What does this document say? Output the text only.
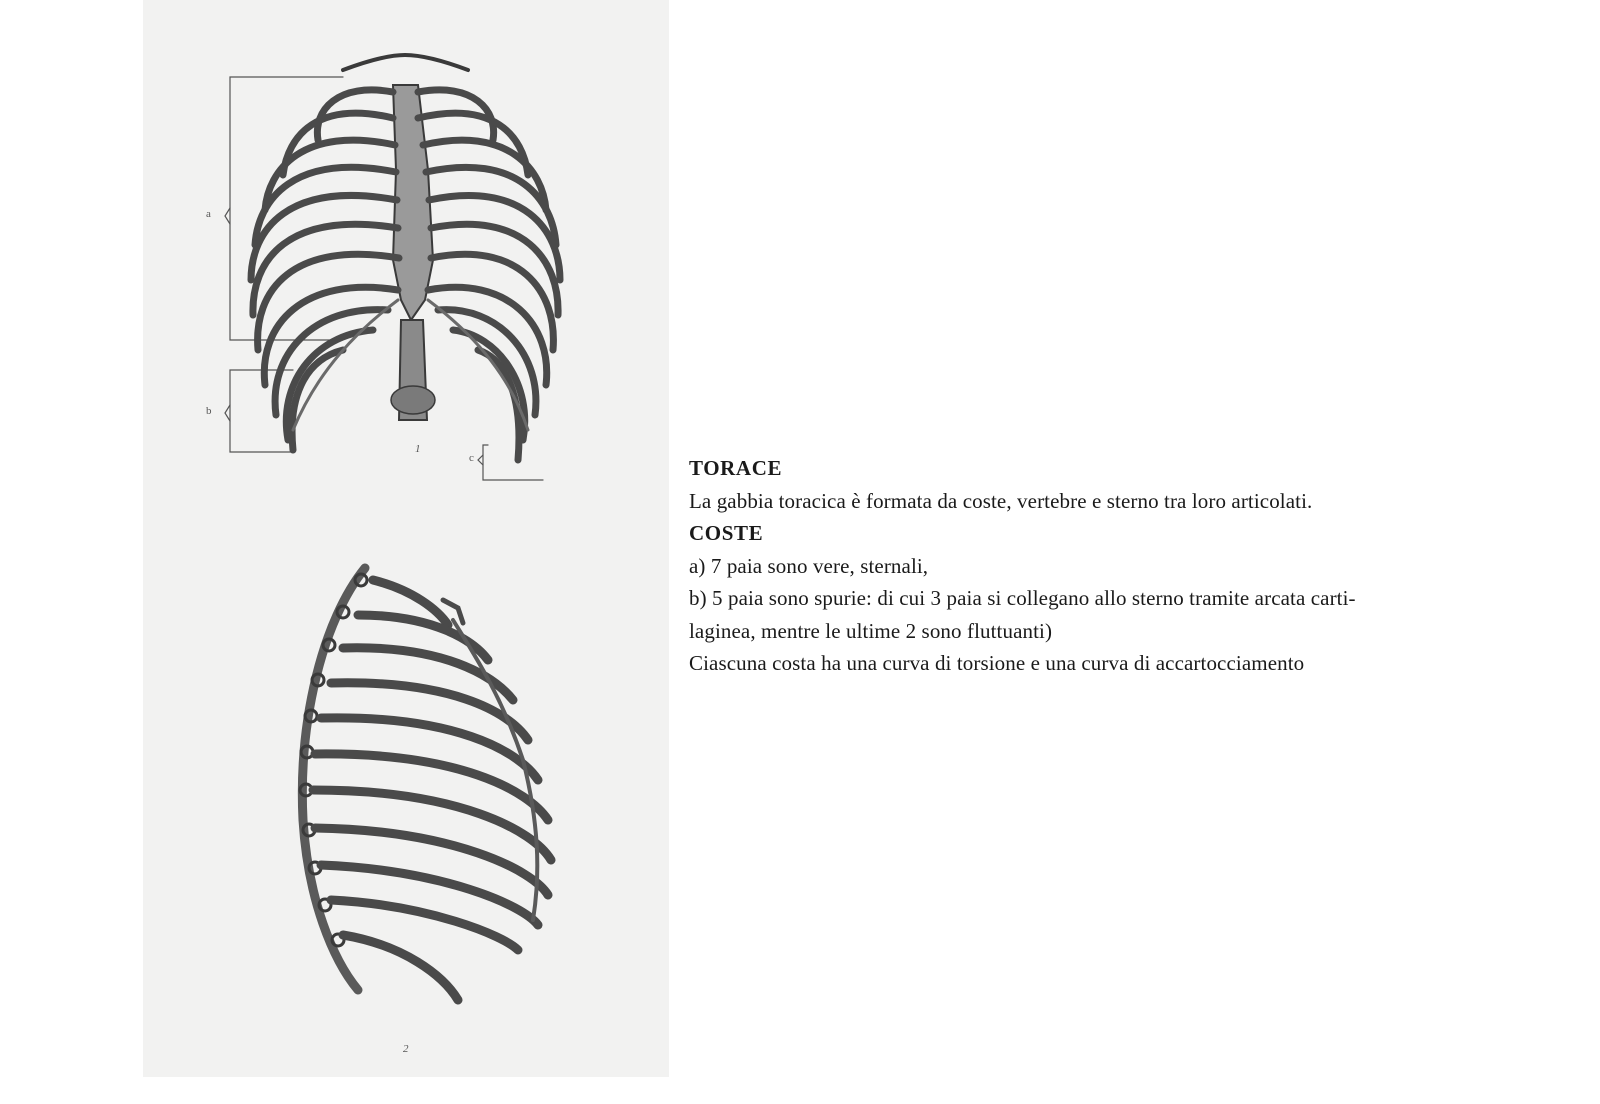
a
b
c
1
2
TORACE
La gabbia toracica è formata da coste, vertebre e sterno tra loro articolati.
COSTE
a) 7 paia sono vere, sternali,
b) 5 paia sono spurie: di cui 3 paia si collegano allo sterno tramite arcata carti-
laginea, mentre le ultime 2 sono fluttuanti)
Ciascuna costa ha una curva di torsione e una curva di accartocciamento
